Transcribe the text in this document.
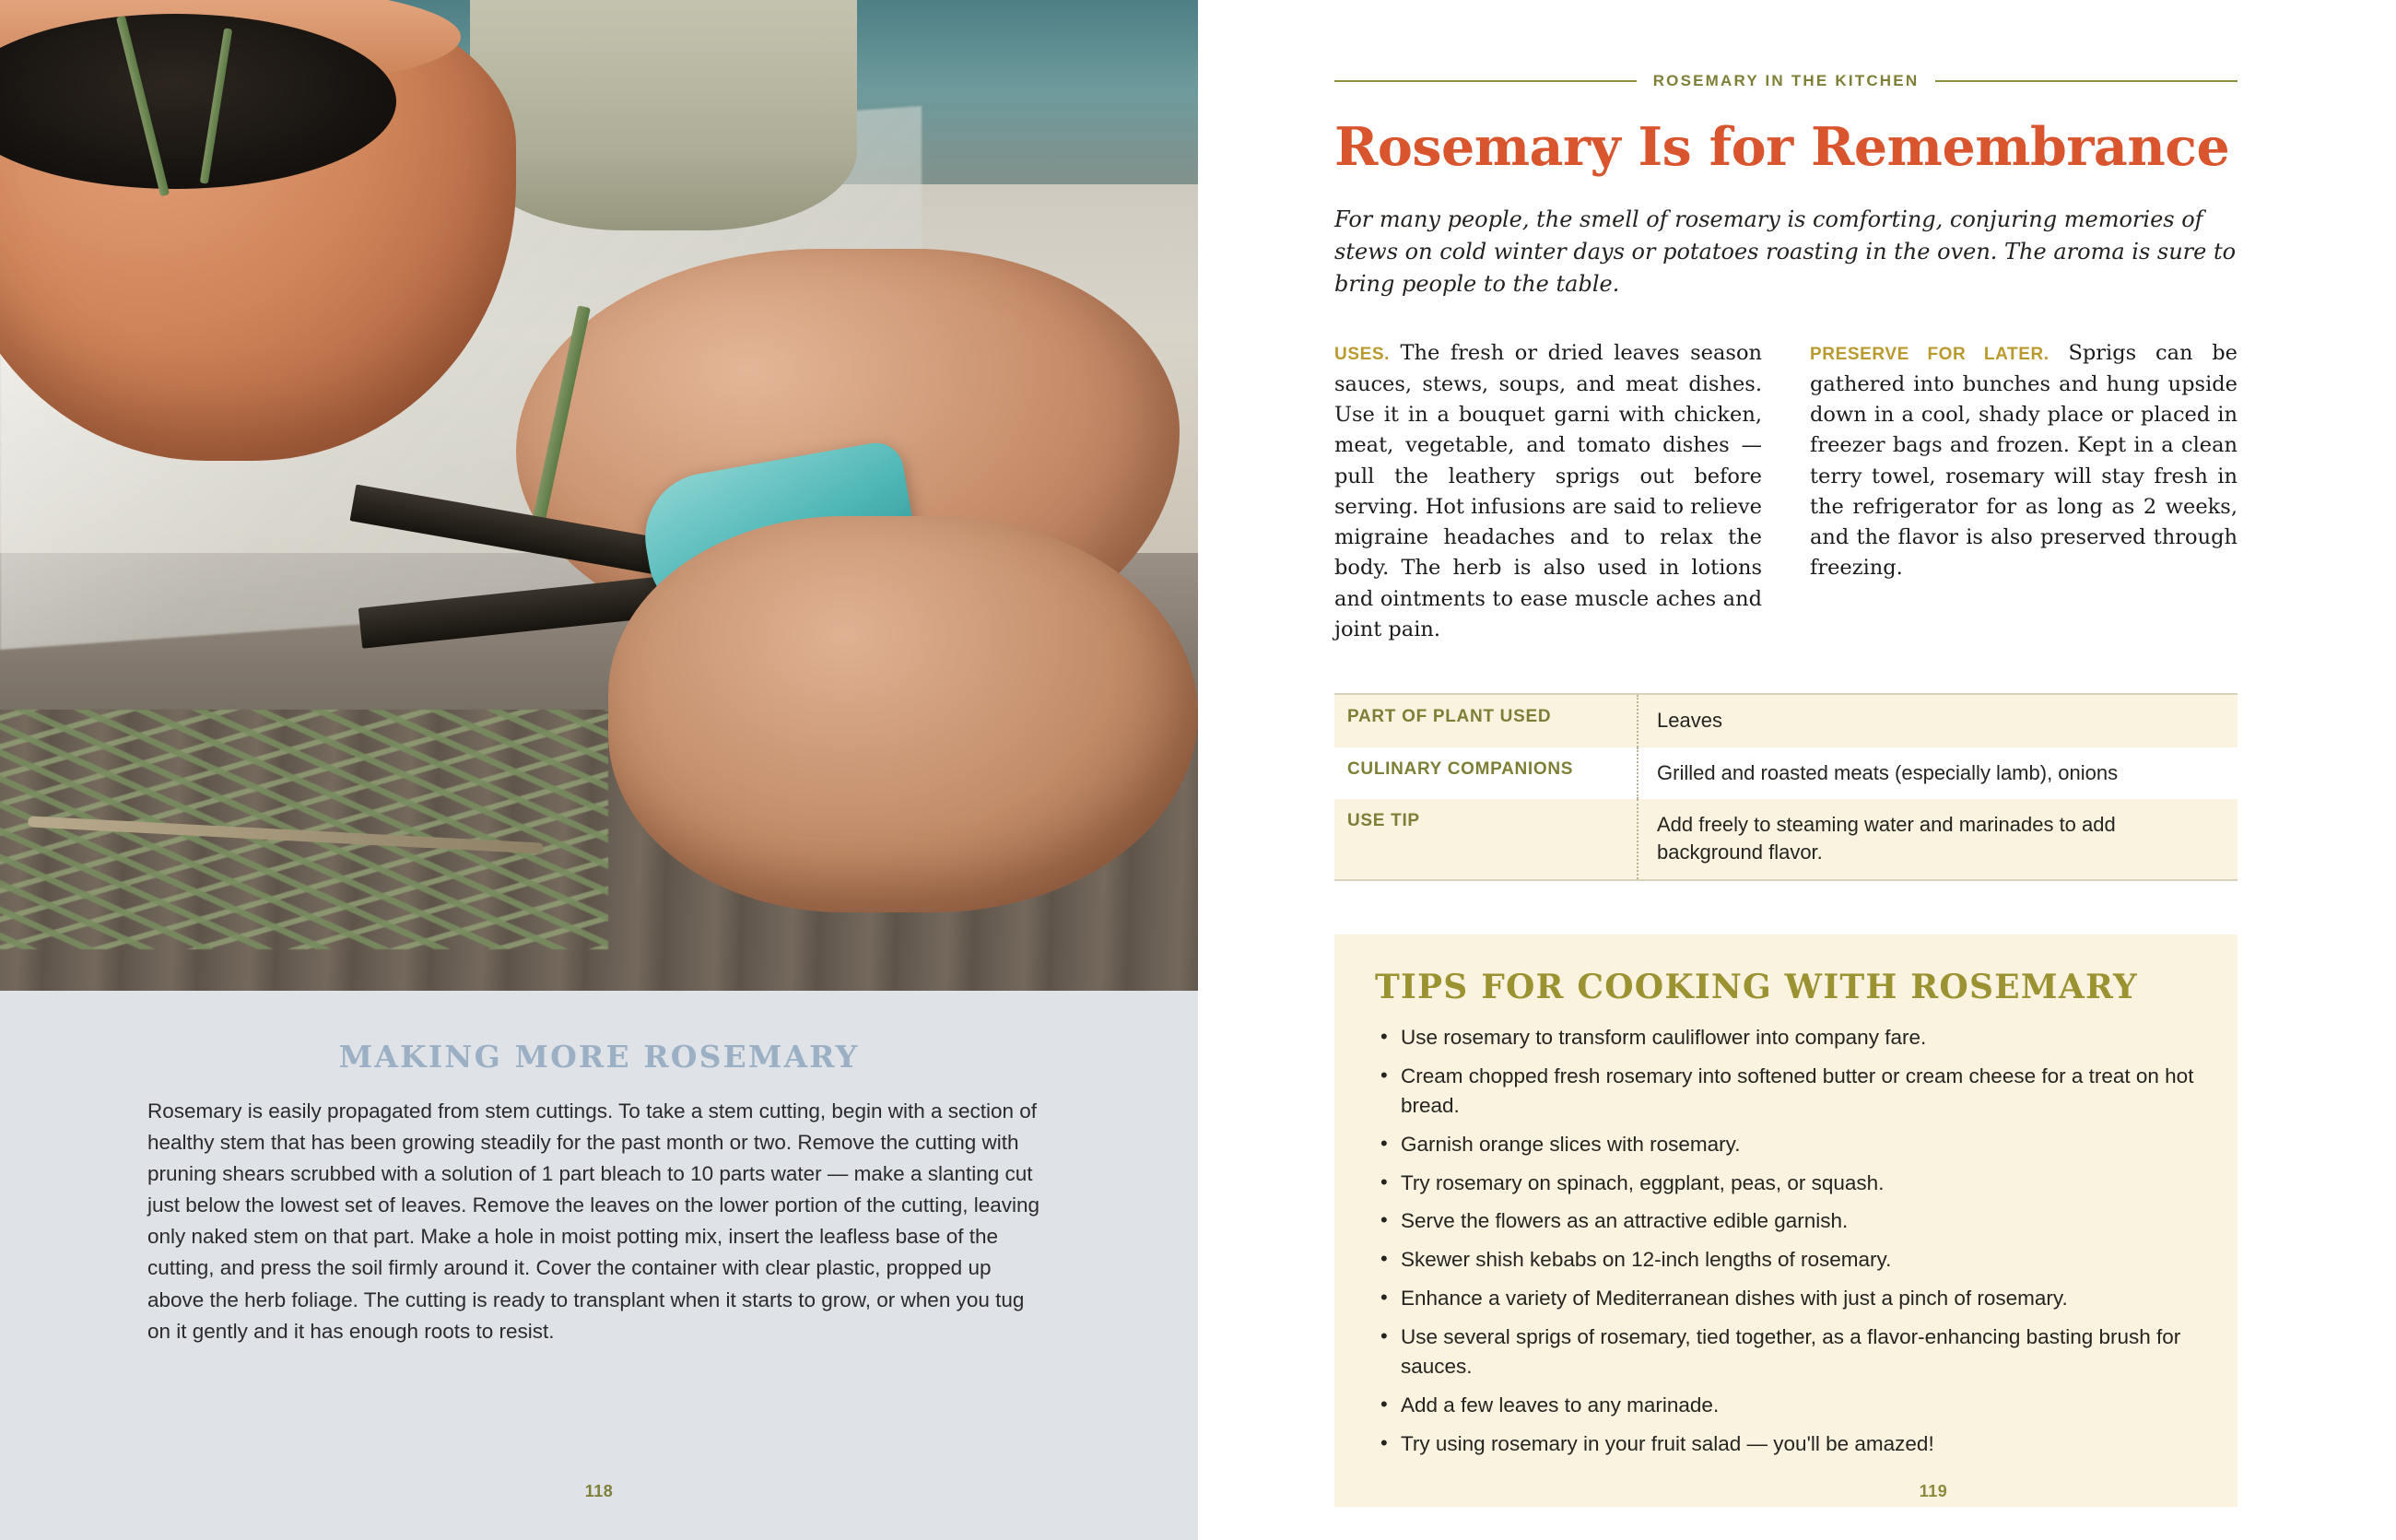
MAKING MORE ROSEMARY

Rosemary is easily propagated from stem cuttings. To take a stem cutting, begin with a section of healthy stem that has been growing steadily for the past month or two. Remove the cutting with pruning shears scrubbed with a solution of 1 part bleach to 10 parts water — make a slanting cut just below the lowest set of leaves. Remove the leaves on the lower portion of the cutting, leaving only naked stem on that part. Make a hole in moist potting mix, insert the leafless base of the cutting, and press the soil firmly around it. Cover the container with clear plastic, propped up above the herb foliage. The cutting is ready to transplant when it starts to grow, or when you tug on it gently and it has enough roots to resist.

118
ROSEMARY IN THE KITCHEN
Rosemary Is for Remembrance

For many people, the smell of rosemary is comforting, conjuring memories of stews on cold winter days or potatoes roasting in the oven. The aroma is sure to bring people to the table.

USES. The fresh or dried leaves season sauces, stews, soups, and meat dishes. Use it in a bouquet garni with chicken, meat, vegetable, and tomato dishes — pull the leathery sprigs out before serving. Hot infusions are said to relieve migraine headaches and to relax the body. The herb is also used in lotions and ointments to ease muscle aches and joint pain.
PRESERVE FOR LATER. Sprigs can be gathered into bunches and hung upside down in a cool, shady place or placed in freezer bags and frozen. Kept in a clean terry towel, rosemary will stay fresh in the refrigerator for as long as 2 weeks, and the flavor is also preserved through freezing.
PART OF PLANT USED	Leaves
CULINARY COMPANIONS	Grilled and roasted meats (especially lamb), onions
USE TIP	Add freely to steaming water and marinades to add background flavor.
TIPS FOR COOKING WITH ROSEMARY
• Use rosemary to transform cauliflower into company fare.
• Cream chopped fresh rosemary into softened butter or cream cheese for a treat on hot bread.
• Garnish orange slices with rosemary.
• Try rosemary on spinach, eggplant, peas, or squash.
• Serve the flowers as an attractive edible garnish.
• Skewer shish kebabs on 12-inch lengths of rosemary.
• Enhance a variety of Mediterranean dishes with just a pinch of rosemary.
• Use several sprigs of rosemary, tied together, as a flavor-enhancing basting brush for sauces.
• Add a few leaves to any marinade.
• Try using rosemary in your fruit salad — you'll be amazed!
119
